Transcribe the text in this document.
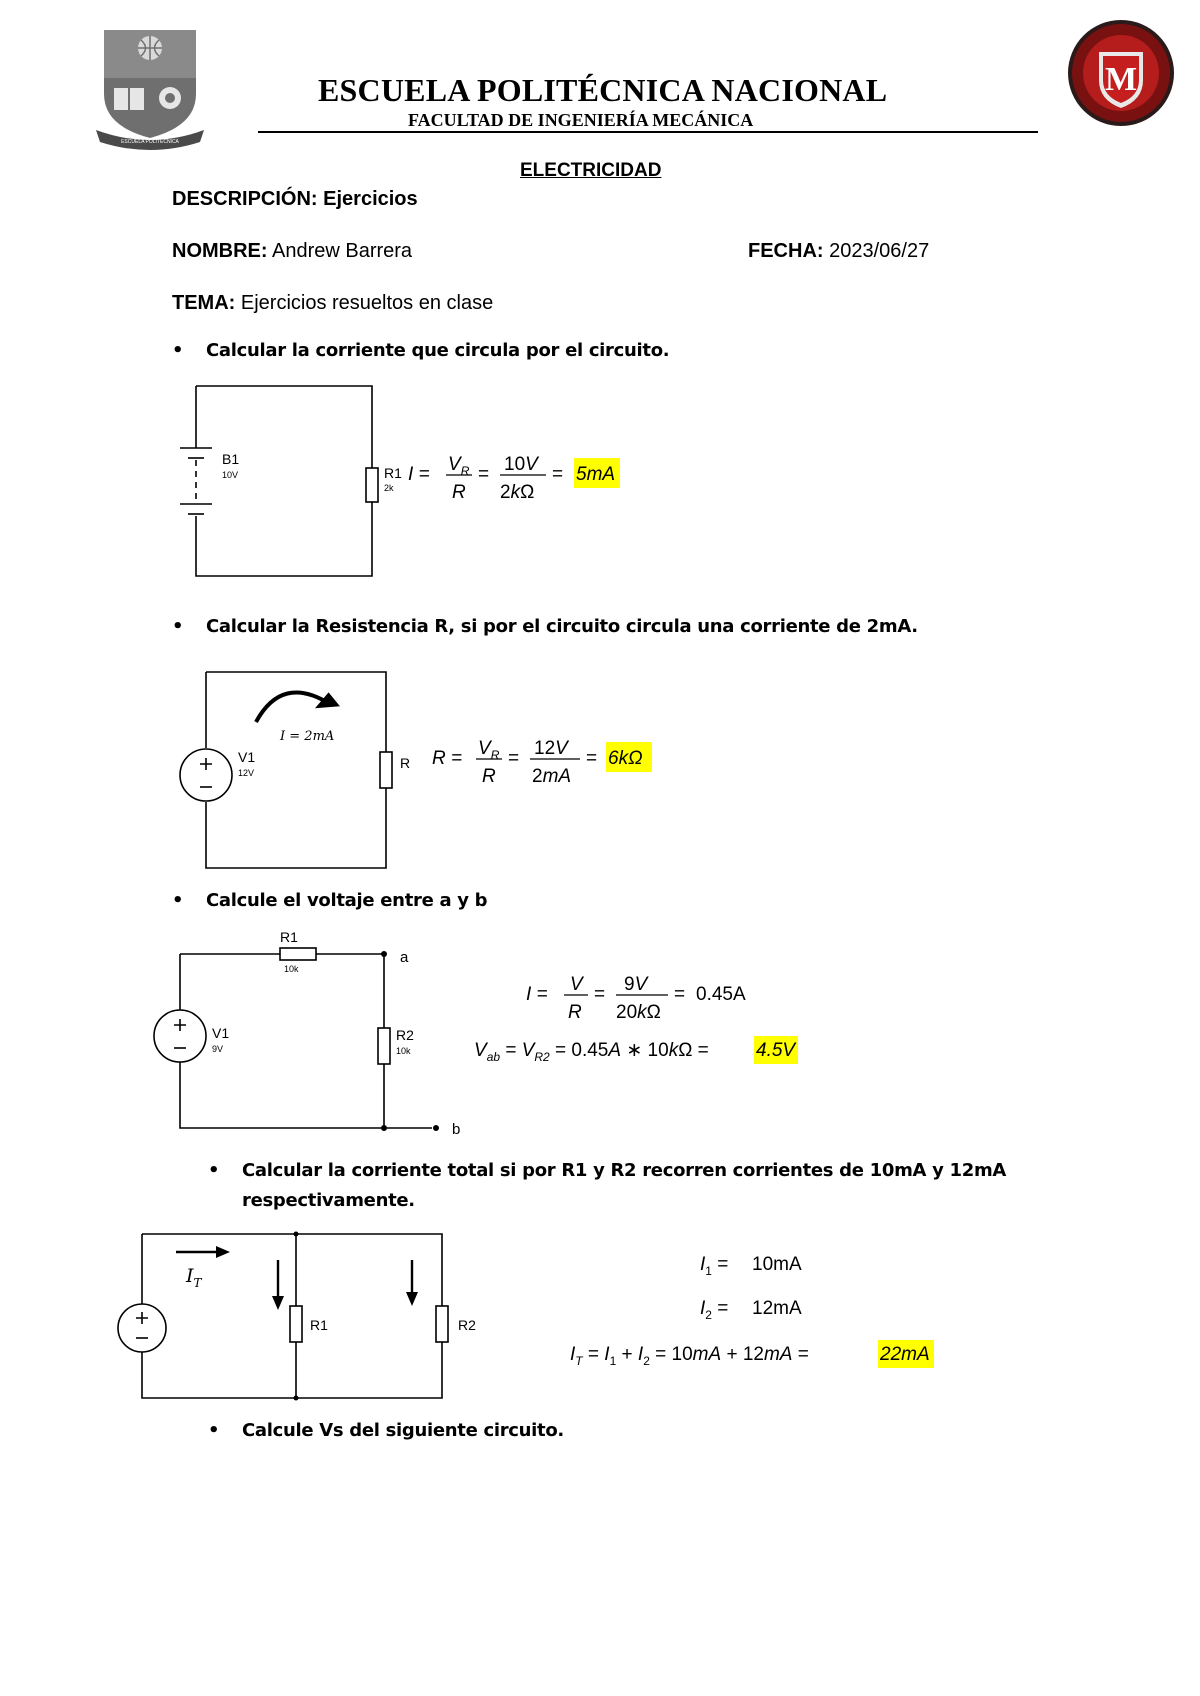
ESCUELA POLITÉCNICA
M
ESCUELA POLITÉCNICA NACIONAL
FACULTAD DE INGENIERÍA MECÁNICA
ELECTRICIDAD
DESCRIPCIÓN: Ejercicios
NOMBRE: Andrew Barrera	FECHA: 2023/06/27
TEMA: Ejercicios resueltos en clase
• Calcular la corriente que circula por el circuito.
B1
10V	R1
2k
$I = V_R$
R
= 10V
2kΩ
= 5mA
• Calcular la Resistencia R, si por el circuito circula una corriente de 2mA.
V1
12V
R
I = 2mA
$R = V_R$
R
= 12V
2mA
= 6kΩ
• Calcule el voltaje entre a y b
R1
10k
R2
10k
V1
9V
a
b
I = V
R
= 9V
20kΩ
= 0.45A
$V_{ab} = V_{R2} = 0.45A$ ∗ 10kΩ = 4.5V
• Calcular la corriente total si por R1 y R2 recorren corrientes de 10mA y 12mA
respectivamente.
$I_T$
R1	R2
$I_1 = 10mA$
$I_2 = 12mA$
$I_T = I_1 + I_2 = 10mA + 12mA$ =	22mA
• Calcule Vs del siguiente circuito.
